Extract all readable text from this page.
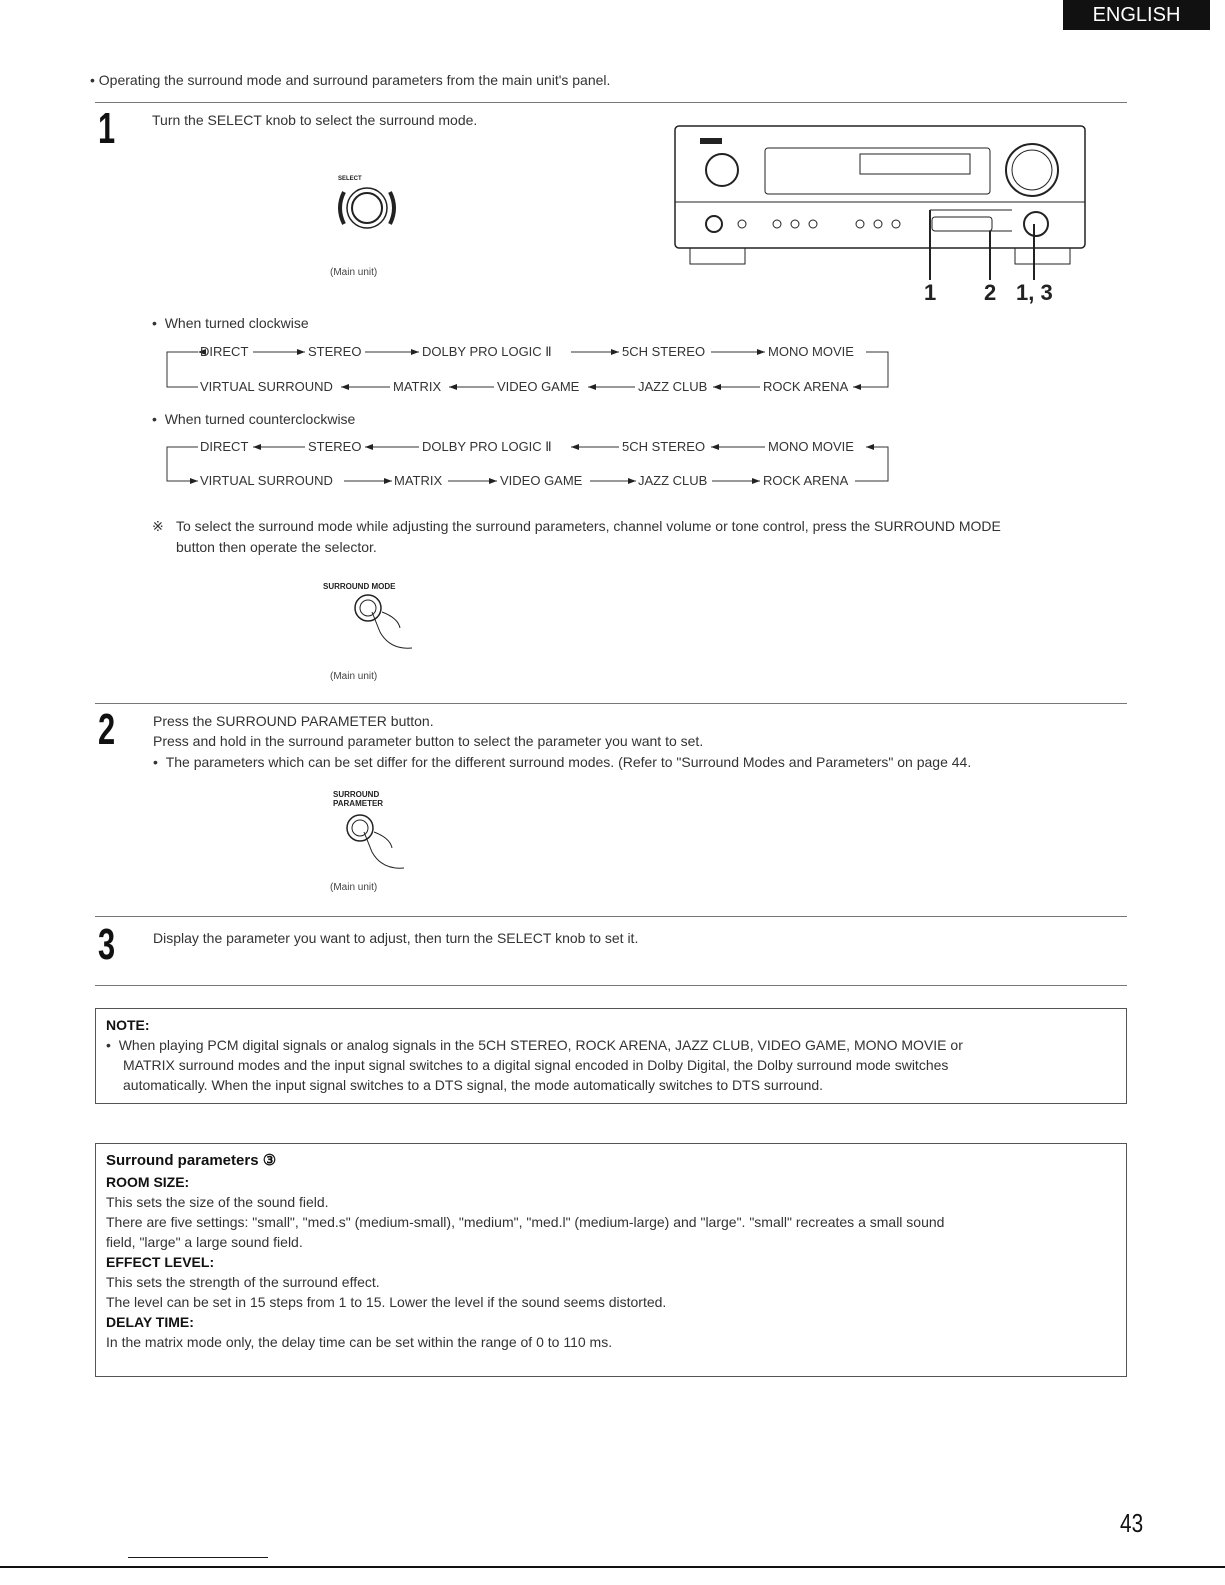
ENGLISH
• Operating the surround mode and surround parameters from the main unit's panel.
1	Turn the SELECT knob to select the surround mode.
SELECT
(Main unit)
1 2 1, 3
•  When turned clockwise
DIRECT	STEREO	DOLBY PRO LOGIC Ⅱ	5CH STEREO	MONO MOVIE
VIRTUAL SURROUND	MATRIX	VIDEO GAME	JAZZ CLUB	ROCK ARENA
•  When turned counterclockwise
DIRECT	STEREO	DOLBY PRO LOGIC Ⅱ	5CH STEREO	MONO MOVIE
VIRTUAL SURROUND	MATRIX	VIDEO GAME	JAZZ CLUB	ROCK ARENA
※ To select the surround mode while adjusting the surround parameters, channel volume or tone control, press the SURROUND MODE
button then operate the selector.
SURROUND MODE
(Main unit)
2	Press the SURROUND PARAMETER button.
Press and hold in the surround parameter button to select the parameter you want to set.
•  The parameters which can be set differ for the different surround modes. (Refer to "Surround Modes and Parameters" on page 44.
SURROUND
PARAMETER
(Main unit)
3	Display the parameter you want to adjust, then turn the SELECT knob to set it.

NOTE:

•  When playing PCM digital signals or analog signals in the 5CH STEREO, ROCK ARENA, JAZZ CLUB, VIDEO GAME, MONO MOVIE or

MATRIX surround modes and the input signal switches to a digital signal encoded in Dolby Digital, the Dolby surround mode switches

automatically. When the input signal switches to a DTS signal, the mode automatically switches to DTS surround.

Surround parameters ③

ROOM SIZE:

This sets the size of the sound field.

There are five settings: "small", "med.s" (medium-small), "medium", "med.l" (medium-large) and "large". "small" recreates a small sound

field, "large" a large sound field.

EFFECT LEVEL:

This sets the strength of the surround effect.

The level can be set in 15 steps from 1 to 15. Lower the level if the sound seems distorted.

DELAY TIME:

In the matrix mode only, the delay time can be set within the range of 0 to 110 ms.

43
